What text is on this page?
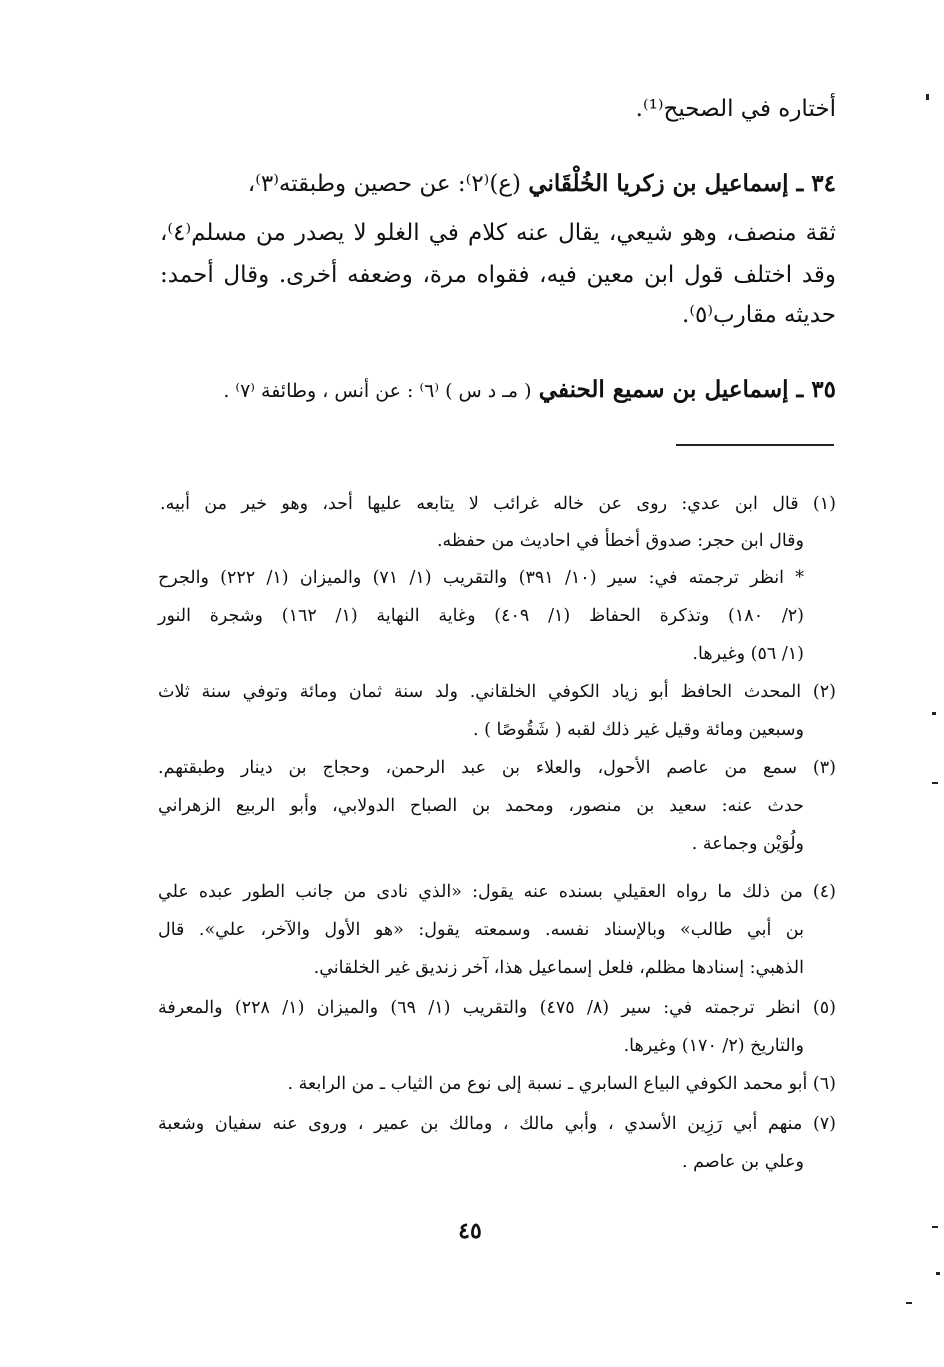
أختاره في الصحيح⁽¹⁾.
٣٤ ـ إسماعيل بن زكريا الخُلْقَاني (ع)⁽٢⁾: عن حصين وطبقته⁽٣⁾،
ثقة منصف، وهو شيعي، يقال عنه كلام في الغلو لا يصدر من مسلم⁽٤⁾،
وقد اختلف قول ابن معين فيه، فقواه مرة، وضعفه أخرى. وقال أحمد:
حديثه مقارب⁽٥⁾.
٣٥ ـ إسماعيل بن سميع الحنفي ( مـ د س ) ⁽٦⁾ : عن أنس ، وطائفة ⁽٧⁾ .
(١) قال ابن عدي: روى عن خاله غرائب لا يتابعه عليها أحد، وهو خير من أبيه.
وقال ابن حجر: صدوق أخطأ في احاديث من حفظه.
* انظر ترجمته في: سير (١٠/ ٣٩١) والتقريب (١/ ٧١) والميزان (١/ ٢٢٢) والجرح
(٢/ ١٨٠) وتذكرة الحفاظ (١/ ٤٠٩) وغاية النهاية (١/ ١٦٢) وشجرة النور
(١/ ٥٦) وغيرها.
(٢) المحدث الحافظ أبو زياد الكوفي الخلقاني. ولد سنة ثمان ومائة وتوفي سنة ثلاث
وسبعين ومائة وقيل غير ذلك لقبه ( شَقُوصًا ) .
(٣) سمع من عاصم الأحول، والعلاء بن عبد الرحمن، وحجاج بن دينار وطبقتهم.
حدث عنه: سعيد بن منصور، ومحمد بن الصباح الدولابي، وأبو الربيع الزهراني
ولُوَيْن وجماعة .
(٤) من ذلك ما رواه العقيلي بسنده عنه يقول: «الذي نادى من جانب الطور عبده علي
بن أبي طالب» وبالإسناد نفسه. وسمعته يقول: «هو الأول والآخر، علي». قال
الذهبي: إسنادها مظلم، فلعل إسماعيل هذا، آخر زنديق غير الخلقاني.
(٥) انظر ترجمته في: سير (٨/ ٤٧٥) والتقريب (١/ ٦٩) والميزان (١/ ٢٢٨) والمعرفة
والتاريخ (٢/ ١٧٠) وغيرها.
(٦) أبو محمد الكوفي البياع السابري ـ نسبة إلى نوع من الثياب ـ من الرابعة .
(٧) منهم أبي رَزِين الأسدي ، وأبي مالك ، ومالك بن عمير ، وروى عنه سفيان وشعبة
وعلي بن عاصم .
٤٥
